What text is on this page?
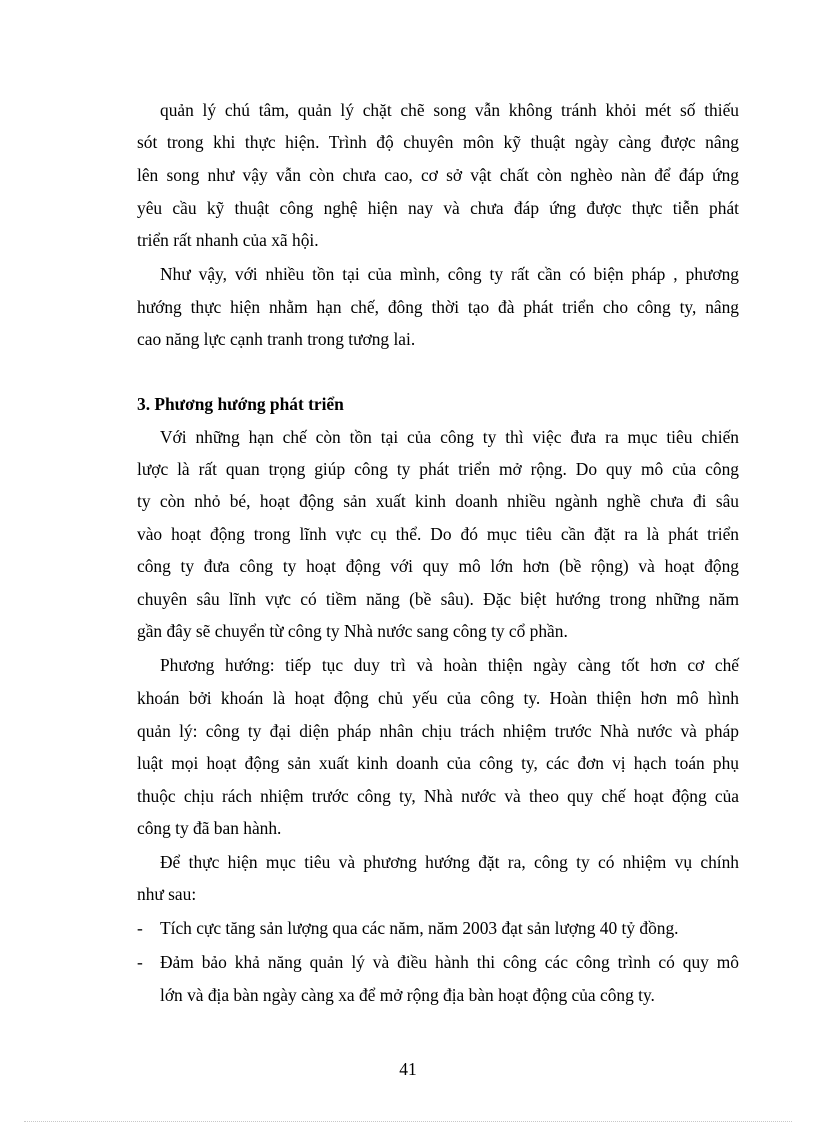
quản lý chú tâm, quản lý chặt chẽ song vẫn không tránh khỏi mét số thiếu
sót trong khi thực hiện. Trình độ chuyên môn kỹ thuật ngày càng được nâng
lên song như vậy vẫn còn chưa cao, cơ sở vật chất còn nghèo nàn để đáp ứng
yêu cầu kỹ thuật công nghệ hiện nay và chưa đáp ứng được thực tiễn phát
triển rất nhanh của xã hội.
Như vậy, với nhiều tồn tại của mình, công ty rất cần có biện pháp , phương
hướng thực hiện nhằm hạn chế, đông thời tạo đà phát triển cho công ty, nâng
cao năng lực cạnh tranh trong tương lai.
3. Phương hướng phát triển
Với những hạn chế còn tồn tại của công ty thì việc đưa ra mục tiêu chiến
lược là rất quan trọng giúp công ty phát triển mở rộng. Do quy mô của công
ty còn nhỏ bé, hoạt động sản xuất kinh doanh nhiều ngành nghề chưa đi sâu
vào hoạt động trong lĩnh vực cụ thể. Do đó mục tiêu cần đặt ra là phát triển
công ty đưa công ty hoạt động với quy mô lớn hơn (bề rộng) và hoạt động
chuyên sâu lĩnh vực có tiềm năng (bề sâu). Đặc biệt hướng trong những năm
gần đây sẽ chuyển từ công ty Nhà nước sang công ty cổ phần.
Phương hướng: tiếp tục duy trì và hoàn thiện ngày càng tốt hơn cơ chế
khoán bởi khoán là hoạt động chủ yếu của công ty. Hoàn thiện hơn mô hình
quản lý: công ty đại diện pháp nhân chịu trách nhiệm trước Nhà nước và pháp
luật mọi hoạt động sản xuất kinh doanh của công ty, các đơn vị hạch toán phụ
thuộc chịu rách nhiệm trước công ty, Nhà nước và theo quy chế hoạt động của
công ty đã ban hành.
Để thực hiện mục tiêu và phương hướng đặt ra, công ty có nhiệm vụ chính
như sau:
- Tích cực tăng sản lượng qua các năm, năm 2003 đạt sản lượng 40 tỷ đồng.
- Đảm bảo khả năng quản lý và điều hành thi công các công trình có quy mô
lớn và địa bàn ngày càng xa để mở rộng địa bàn hoạt động của công ty.
41
